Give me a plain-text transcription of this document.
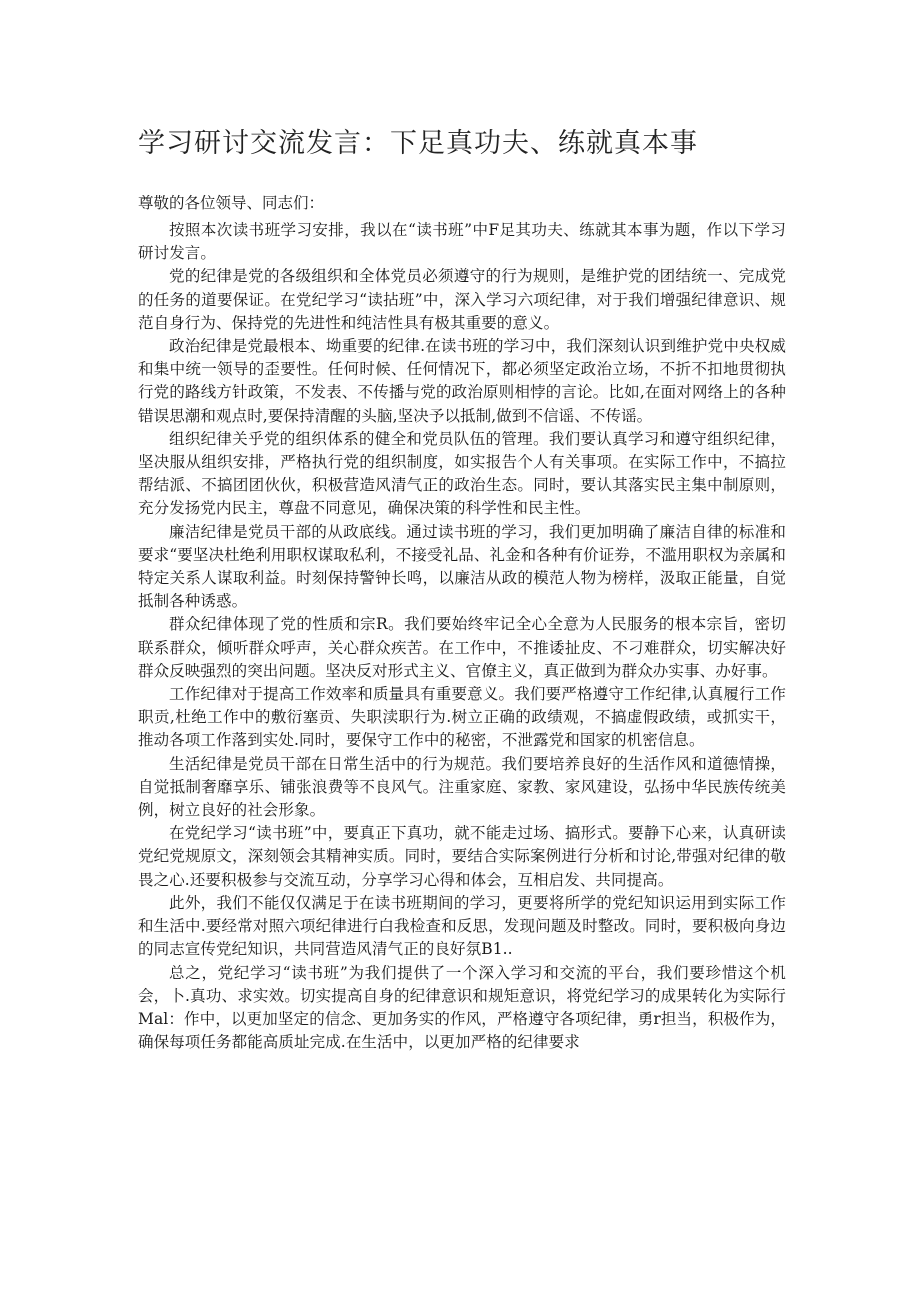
学习研讨交流发言：下足真功夫、练就真本事

尊敬的各位领导、同志们：

按照本次读书班学习安排，我以在“读书班”中F足其功夫、练就其本事为题，作以下学习研讨发言。

党的纪律是党的各级组织和全体党员必须遵守的行为规则，是维护党的团结统一、完成党的任务的道要保证。在党纪学习“读拈班”中，深入学习六项纪律，对于我们增强纪律意识、规范自身行为、保持党的先进性和纯洁性具有极其重要的意义。

政治纪律是党最根本、坳重要的纪律.在读书班的学习中，我们深刻认识到维护党中央权威和集中统一领导的歪要性。任何时候、任何情况下，都必须坚定政治立场，不折不扣地贯彻执行党的路线方针政策，不发表、不传播与党的政治原则相悖的言论。比如,在面对网络上的各种错误思潮和观点时,要保持清醒的头脑,坚决予以抵制,做到不信谣、不传谣。

组织纪律关乎党的组织体系的健全和党员队伍的管理。我们要认真学习和遵守组织纪律，坚决服从组织安排，严格执行党的组织制度，如实报告个人有关事项。在实际工作中，不搞拉帮结派、不搞团团伙伙，积极营造风清气正的政治生态。同时，要认其落实民主集中制原则，充分发扬党内民主，尊盘不同意见，确保决策的科学性和民主性。

廉洁纪律是党员干部的从政底线。通过读书班的学习，我们更加明确了廉洁自律的标准和要求“要坚决杜绝利用职权谋取私利，不接受礼品、礼金和各种有价证券，不滥用职权为亲属和特定关系人谋取利益。时刻保持警钟长鸣，以廉洁从政的模范人物为榜样，汲取正能量，自觉抵制各种诱惑。

群众纪律体现了党的性质和宗R。我们要始终牢记全心全意为人民服务的根本宗旨，密切联系群众，倾听群众呼声，关心群众疾苦。在工作中，不推诿扯皮、不刁难群众，切实解决好群众反映强烈的突出问题。坚决反对形式主义、官僚主义，真正做到为群众办实事、办好事。

工作纪律对于提高工作效率和质量具有重要意义。我们要严格遵守工作纪律,认真履行工作职贡,杜绝工作中的敷衍塞贡、失职渎职行为.树立正确的政绩观，不搞虚假政绩，或抓实干，推动各项工作落到实处.同时，要保守工作中的秘密，不泄露党和国家的机密信息。

生活纪律是党员干部在日常生活中的行为规范。我们要培养良好的生活作风和道德情操，自觉抵制奢靡享乐、铺张浪费等不良风气。注重家庭、家教、家风建设，弘扬中华民族传统美例，树立良好的社会形象。

在党纪学习“读书班”中，要真正下真功，就不能走过场、搞形式。要静下心来，认真研读党纪党规原文，深刻领会其精神实质。同时，要结合实际案例进行分析和讨论,带强对纪律的敬畏之心.还要积极参与交流互动，分享学习心得和体会，互相启发、共同提高。

此外，我们不能仅仅满足于在读书班期间的学习，更要将所学的党纪知识运用到实际工作和生活中.要经常对照六项纪律进行白我检查和反思，发现问题及时整改。同时，要积极向身边的同志宣传党纪知识，共同营造风清气正的良好氛B1..

总之，党纪学习“读书班”为我们提供了一个深入学习和交流的平台，我们要珍惜这个机会，卜.真功、求实效。切实提高自身的纪律意识和规矩意识，将党纪学习的成果转化为实际行Mal：作中，以更加坚定的信念、更加务实的作风，严格遵守各项纪律，勇r担当，积极作为，确保每项任务都能高质址完成.在生活中，以更加严格的纪律要求
